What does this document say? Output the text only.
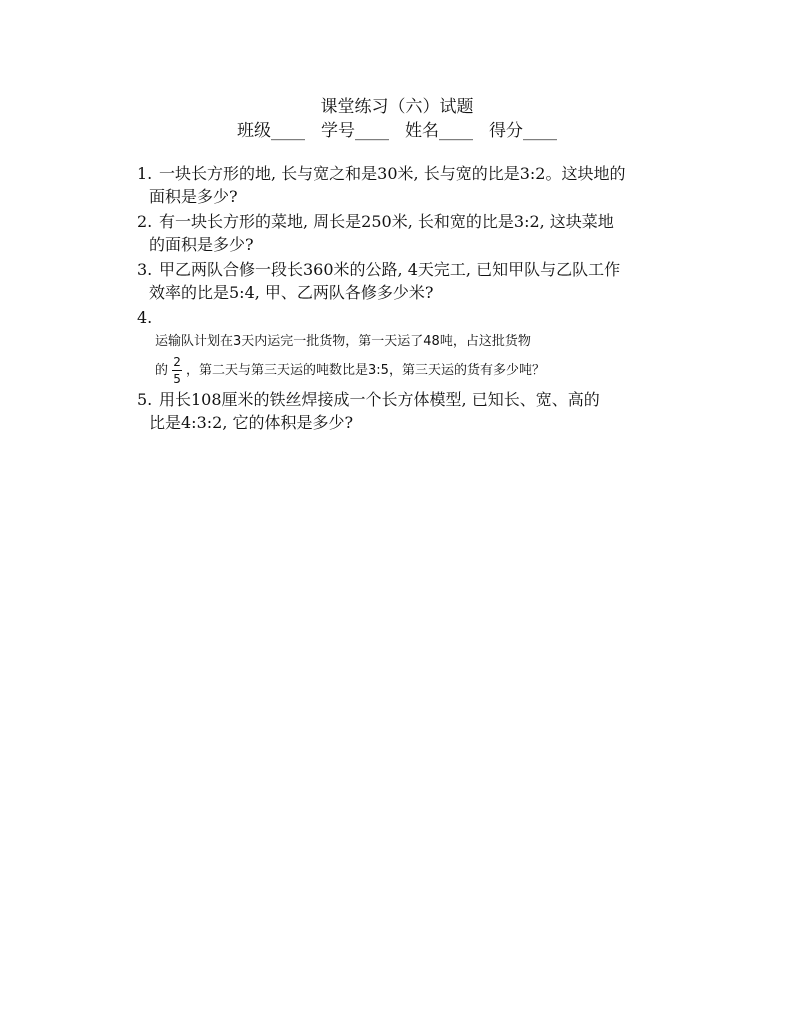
课堂练习（六）试题
班级____ 学号____ 姓名____ 得分____
1. 一块长方形的地, 长与宽之和是30米, 长与宽的比是3:2。这块地的
面积是多少?
2. 有一块长方形的菜地, 周长是250米, 长和宽的比是3:2, 这块菜地
的面积是多少?
3. 甲乙两队合修一段长360米的公路, 4天完工, 已知甲队与乙队工作
效率的比是5:4, 甲、乙两队各修多少米?
4.
运输队计划在3天内运完一批货物，第一天运了48吨，占这批货物
的 $\frac{2}{5}$ ，第二天与第三天运的吨数比是3:5，第三天运的货有多少吨？
5. 用长108厘米的铁丝焊接成一个长方体模型, 已知长、宽、高的
比是4:3:2, 它的体积是多少?
